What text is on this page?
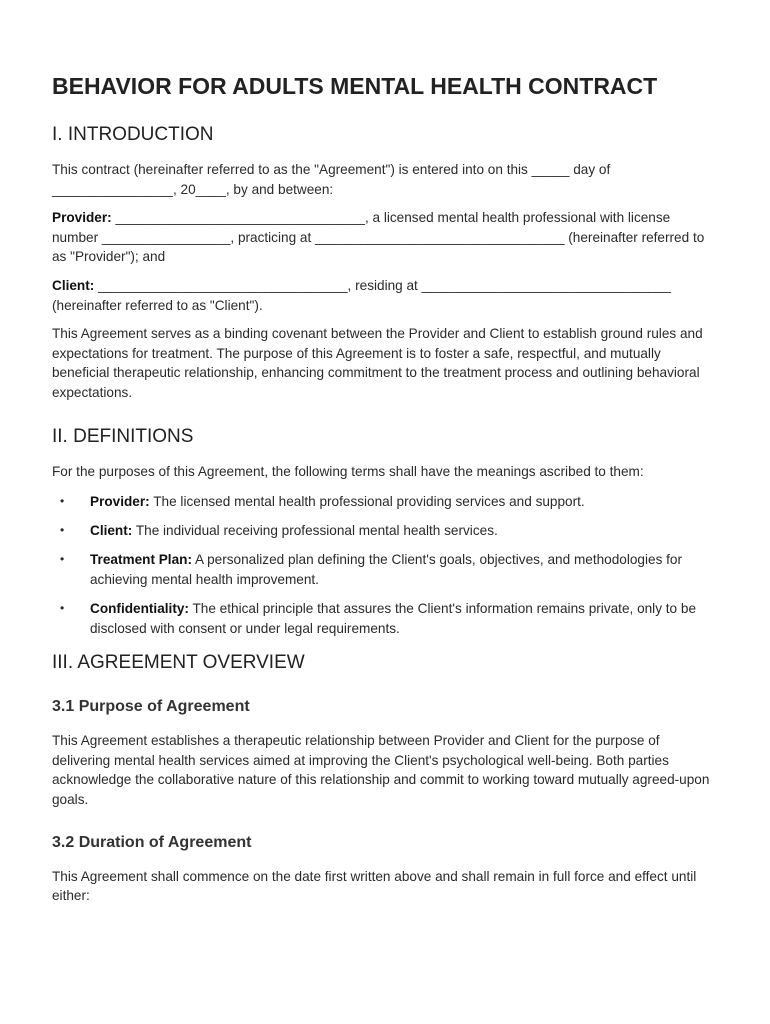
BEHAVIOR FOR ADULTS MENTAL HEALTH CONTRACT
I. INTRODUCTION

This contract (hereinafter referred to as the "Agreement") is entered into on this _____ day of ________________, 20____, by and between:

Provider: _________________________________, a licensed mental health professional with license number _________________, practicing at _________________________________ (hereinafter referred to as "Provider"); and

Client: _________________________________, residing at _________________________________ (hereinafter referred to as "Client").

This Agreement serves as a binding covenant between the Provider and Client to establish ground rules and expectations for treatment. The purpose of this Agreement is to foster a safe, respectful, and mutually beneficial therapeutic relationship, enhancing commitment to the treatment process and outlining behavioral expectations.

II. DEFINITIONS

For the purposes of this Agreement, the following terms shall have the meanings ascribed to them:

• Provider: The licensed mental health professional providing services and support.
• Client: The individual receiving professional mental health services.
• Treatment Plan: A personalized plan defining the Client's goals, objectives, and methodologies for achieving mental health improvement.
• Confidentiality: The ethical principle that assures the Client's information remains private, only to be disclosed with consent or under legal requirements.
III. AGREEMENT OVERVIEW
3.1 Purpose of Agreement

This Agreement establishes a therapeutic relationship between Provider and Client for the purpose of delivering mental health services aimed at improving the Client's psychological well-being. Both parties acknowledge the collaborative nature of this relationship and commit to working toward mutually agreed-upon goals.

3.2 Duration of Agreement

This Agreement shall commence on the date first written above and shall remain in full force and effect until either:
